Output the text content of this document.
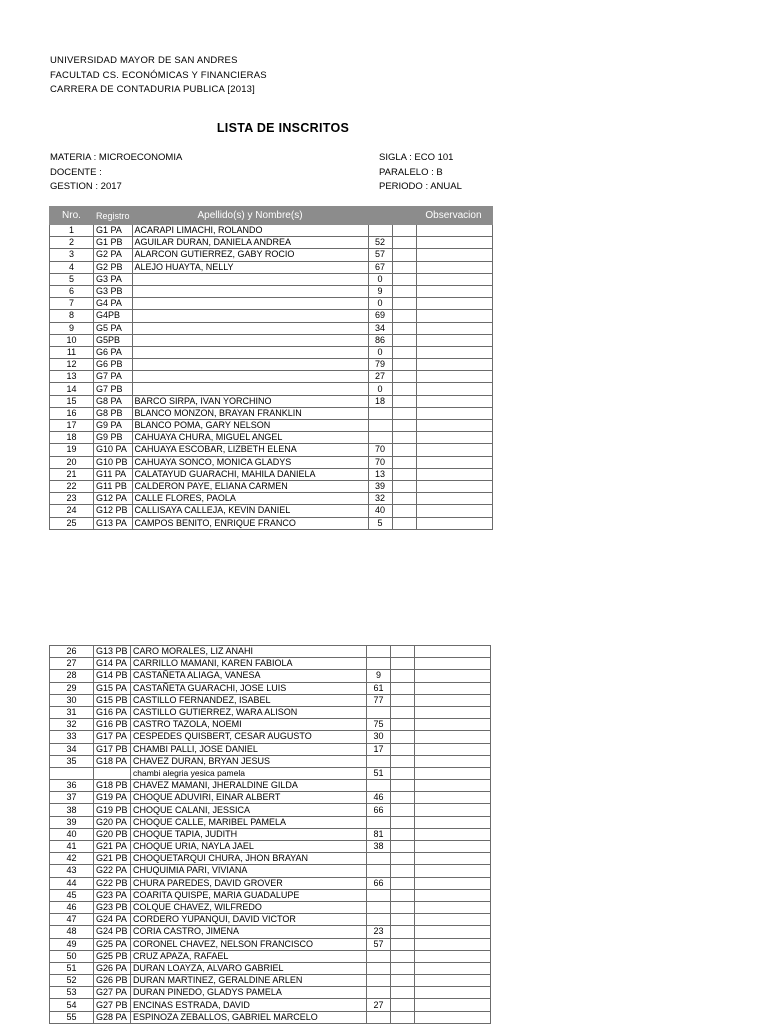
UNIVERSIDAD MAYOR DE SAN ANDRES
FACULTAD CS. ECONÓMICAS Y FINANCIERAS
CARRERA DE CONTADURIA PUBLICA [2013]
LISTA DE INSCRITOS
MATERIA : MICROECONOMIA
DOCENTE :
GESTION : 2017
SIGLA : ECO 101
PARALELO : B
PERIODO : ANUAL
Nro.	Registro	Apellido(s) y Nombre(s)			Observacion
1	G1 PA	ACARAPI LIMACHI, ROLANDO			
2	G1 PB	AGUILAR DURAN, DANIELA ANDREA	52		
3	G2 PA	ALARCON GUTIERREZ, GABY ROCIO	57		
4	G2 PB	ALEJO HUAYTA, NELLY	67		
5	G3 PA		0		
6	G3 PB		9		
7	G4 PA		0		
8	G4PB		69		
9	G5 PA		34		
10	G5PB		86		
11	G6 PA		0		
12	G6 PB		79		
13	G7 PA		27		
14	G7 PB		0		
15	G8 PA	BARCO SIRPA, IVAN YORCHINO	18		
16	G8 PB	BLANCO MONZON, BRAYAN FRANKLIN			
17	G9 PA	BLANCO POMA, GARY NELSON			
18	G9 PB	CAHUAYA CHURA, MIGUEL ANGEL			
19	G10 PA	CAHUAYA ESCOBAR, LIZBETH ELENA	70		
20	G10 PB	CAHUAYA SONCO, MONICA GLADYS	70		
21	G11 PA	CALATAYUD GUARACHI, MAHILA DANIELA	13		
22	G11 PB	CALDERON PAYE, ELIANA CARMEN	39		
23	G12 PA	CALLE FLORES, PAOLA	32		
24	G12 PB	CALLISAYA CALLEJA, KEVIN DANIEL	40		
25	G13 PA	CAMPOS BENITO, ENRIQUE FRANCO	5		
26	G13 PB	CARO MORALES, LIZ ANAHI			
27	G14 PA	CARRILLO MAMANI, KAREN FABIOLA			
28	G14 PB	CASTAÑETA ALIAGA, VANESA	9		
29	G15 PA	CASTAÑETA GUARACHI, JOSE LUIS	61		
30	G15 PB	CASTILLO FERNANDEZ, ISABEL	77		
31	G16 PA	CASTILLO GUTIERREZ, WARA ALISON			
32	G16 PB	CASTRO TAZOLA, NOEMI	75		
33	G17 PA	CESPEDES QUISBERT, CESAR AUGUSTO	30		
34	G17 PB	CHAMBI PALLI, JOSE DANIEL	17		
35	G18 PA	CHAVEZ DURAN, BRYAN JESUS			
		chambi alegria yesica pamela	51		
36	G18 PB	CHAVEZ MAMANI, JHERALDINE GILDA			
37	G19 PA	CHOQUE ADUVIRI, EINAR ALBERT	46		
38	G19 PB	CHOQUE CALANI, JESSICA	66		
39	G20 PA	CHOQUE CALLE, MARIBEL PAMELA			
40	G20 PB	CHOQUE TAPIA, JUDITH	81		
41	G21 PA	CHOQUE URIA, NAYLA JAEL	38		
42	G21 PB	CHOQUETARQUI CHURA, JHON BRAYAN			
43	G22 PA	CHUQUIMIA PARI, VIVIANA			
44	G22 PB	CHURA PAREDES, DAVID GROVER	66		
45	G23 PA	COARITA QUISPE, MARIA GUADALUPE			
46	G23 PB	COLQUE CHAVEZ, WILFREDO			
47	G24 PA	CORDERO YUPANQUI, DAVID VICTOR			
48	G24 PB	CORIA CASTRO, JIMENA	23		
49	G25 PA	CORONEL CHAVEZ, NELSON FRANCISCO	57		
50	G25 PB	CRUZ APAZA, RAFAEL			
51	G26 PA	DURAN LOAYZA, ALVARO GABRIEL			
52	G26 PB	DURAN MARTINEZ, GERALDINE ARLEN			
53	G27 PA	DURAN PINEDO, GLADYS PAMELA			
54	G27 PB	ENCINAS ESTRADA, DAVID	27		
55	G28 PA	ESPINOZA ZEBALLOS, GABRIEL MARCELO			
